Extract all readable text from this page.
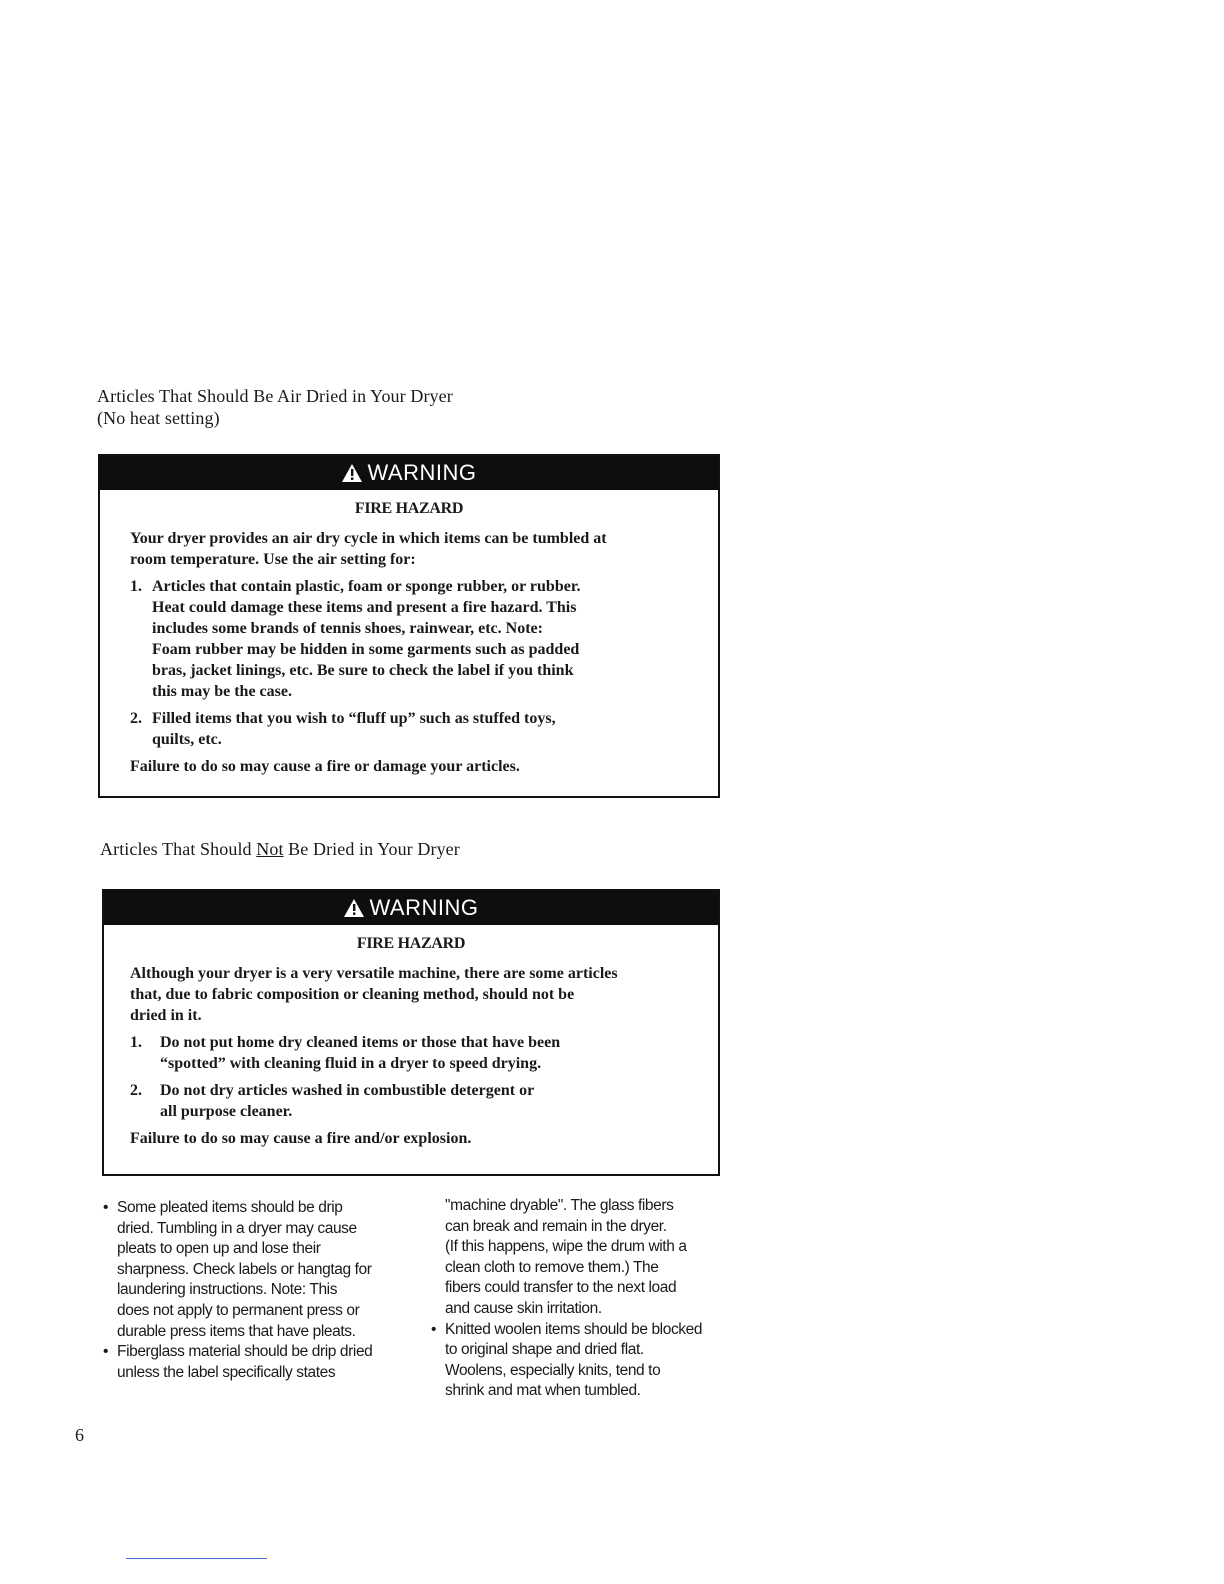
Articles That Should Be Air Dried in Your Dryer
(No heat setting)
WARNING
FIRE HAZARD
Your dryer provides an air dry cycle in which items can be tumbled at
room temperature. Use the air setting for:
1. Articles that contain plastic, foam or sponge rubber, or rubber.
Heat could damage these items and present a fire hazard. This
includes some brands of tennis shoes, rainwear, etc. Note:
Foam rubber may be hidden in some garments such as padded
bras, jacket linings, etc. Be sure to check the label if you think
this may be the case.
2. Filled items that you wish to “fluff up” such as stuffed toys,
quilts, etc.
Failure to do so may cause a fire or damage your articles.
Articles That Should Not Be Dried in Your Dryer
WARNING
FIRE HAZARD
Although your dryer is a very versatile machine, there are some articles
that, due to fabric composition or cleaning method, should not be
dried in it.
1.	Do not put home dry cleaned items or those that have been
“spotted” with cleaning fluid in a dryer to speed drying.
2.	Do not dry articles washed in combustible detergent or
all purpose cleaner.
Failure to do so may cause a fire and/or explosion.
• Some pleated items should be drip
dried. Tumbling in a dryer may cause
pleats to open up and lose their
sharpness. Check labels or hangtag for
laundering instructions. Note: This
does not apply to permanent press or
durable press items that have pleats.
• Fiberglass material should be drip dried
unless the label specifically states
"machine dryable". The glass fibers
can break and remain in the dryer.
(If this happens, wipe the drum with a
clean cloth to remove them.) The
fibers could transfer to the next load
and cause skin irritation.
• Knitted woolen items should be blocked
to original shape and dried flat.
Woolens, especially knits, tend to
shrink and mat when tumbled.
6
